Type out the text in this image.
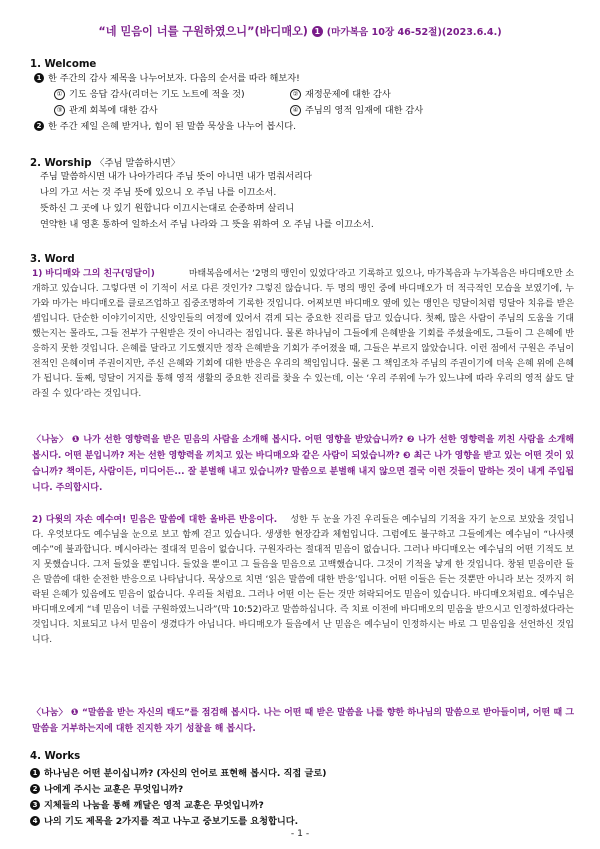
“네 믿음이 너를 구원하였으니”(바디매오) 1 (마가복음 10장 46-52절)(2023.6.4.)
1. Welcome
1 한 주간의 감사 제목을 나누어보자. 다음의 순서를 따라 해보자!
① 기도 응답 감사(리더는 기도 노트에 적을 것)	② 재정문제에 대한 감사
③ 관계 회복에 대한 감사	④ 주님의 영적 임재에 대한 감사
2 한 주간 제일 은혜 받거나, 힘이 된 말씀 묵상을 나누어 봅시다.
2. Worship 〈주님 말씀하시면〉
주님 말씀하시면 내가 나아가리다 주님 뜻이 아니면 내가 멈춰서리다
나의 가고 서는 것 주님 뜻에 있으니 오 주님 나를 이끄소서.
뜻하신 그 곳에 나 있기 원합니다 이끄시는대로 순종하며 살리니
연약한 내 영혼 통하여 일하소서 주님 나라와 그 뜻을 위하여 오 주님 나를 이끄소서.
3. Word
1) 바디매와 그의 친구(덩달이)	마태복음에서는 ‘2명의 맹인이 있었다’라고 기록하고 있으나, 마가복음과 누가복음은 바디매오만 소개하고 있습니다. 그렇다면 이 기적이 서로 다른 것인가? 그렇진 않습니다. 두 명의 맹인 중에 바디매오가 더 적극적인 모습을 보였기에, 누가와 마가는 바디매오를 클로즈업하고 집중조명하여 기록한 것입니다. 어찌보면 바디매오 옆에 있는 맹인은 덩달이처럼 덩달아 치유를 받은 셈입니다. 단순한 이야기이지만, 신앙인들의 여정에 있어서 겪게 되는 중요한 진리를 담고 있습니다. 첫째, 많은 사람이 주님의 도움을 기대했는지는 몰라도, 그들 전부가 구원받은 것이 아니라는 점입니다. 물론 하나님이 그들에게 은혜받을 기회를 주셨을에도, 그들이 그 은혜에 반응하지 못한 것입니다. 은혜를 달라고 기도했지만 정작 은혜받을 기회가 주어졌을 때, 그들은 부르지 않았습니다. 이런 점에서 구원은 주님이 전적인 은혜이며 주권이지만, 주신 은혜와 기회에 대한 반응은 우리의 책임입니다. 물론 그 책임조차 주님의 주권이기에 더욱 은혜 위에 은혜가 됩니다. 둘째, 덩달이 거지를 통해 영적 생활의 중요한 진리를 찾을 수 있는데, 이는 ‘우리 주위에 누가 있느냐에 따라 우리의 영적 삶도 달라질 수 있다’라는 것입니다.
〈나눔〉 ❶ 나가 선한 영향력을 받은 믿음의 사람을 소개해 봅시다. 어떤 영향을 받았습니까? ❷ 나가 선한 영향력을 끼친 사람을 소개해 봅시다. 어떤 분입니까? 저는 선한 영향력을 끼치고 있는 바디매오와 같은 사람이 되었습니까? ❸ 최근 나가 영향을 받고 있는 어떤 것이 있습니까? 책이든, 사람이든, 미디어든... 잘 분별해 내고 있습니까? 말씀으로 분별해 내지 않으면 결국 이런 것들이 말하는 것이 내게 주입됩니다. 주의합시다.
2) 다윗의 자손 예수여! 믿음은 말씀에 대한 올바른 반응이다. 성한 두 눈을 가진 우리들은 예수님의 기적을 자기 눈으로 보았을 것입니다. 우엇보다도 예수님을 눈으로 보고 함께 걷고 있습니다. 생생한 현장감과 체험입니다. 그럼에도 불구하고 그들에게는 예수님이 “나사렛 예수”에 불과합니다. 메시아라는 절대적 믿음이 없습니다. 구원자라는 절대적 믿음이 없습니다. 그러나 바디매오는 예수님의 어떤 기적도 보지 못했습니다. 그저 들었을 뿐입니다. 들었을 뿐이고 그 들음을 믿음으로 고백했습니다. 그것이 기적을 낳게 한 것입니다. 창된 믿음이란 들은 말씀에 대한 순전한 반응으로 나타납니다. 묵상으로 치면 ‘읽은 말씀에 대한 반응’입니다. 어떤 이들은 듣는 것뿐만 아니라 보는 것까지 허락된 은혜가 있음에도 믿음이 없습니다. 우리들 처럼요. 그러나 어떤 이는 듣는 것만 허락되어도 믿음이 있습니다. 바디매오처럼요. 예수님은 바디매오에게 “네 믿음이 너를 구원하였느니라”(막 10:52)라고 말씀하십니다. 즉 치료 이전에 바디매오의 믿음을 받으시고 인정하셨다라는 것입니다. 치료되고 나서 믿음이 생겼다가 아닙니다. 바디매오가 들음에서 난 믿음은 예수님이 인정하시는 바로 그 믿음임을 선언하신 것입니다.
〈나눔〉 ❶ “말씀을 받는 자신의 태도”를 점검해 봅시다. 나는 어떤 때 받은 말씀을 나를 향한 하나님의 말씀으로 받아들이며, 어떤 때 그 말씀을 거부하는지에 대한 진지한 자기 성찰을 해 봅시다.
4. Works
1 하나님은 어떤 분이십니까? (자신의 언어로 표현해 봅시다. 직접 글로)
2 나에게 주시는 교훈은 무엇입니까?
3 지체들의 나눔을 통해 깨달은 영적 교훈은 무엇입니까?
4 나의 기도 제목을 2가지를 적고 나누고 중보기도를 요청합니다.
- 1 -
